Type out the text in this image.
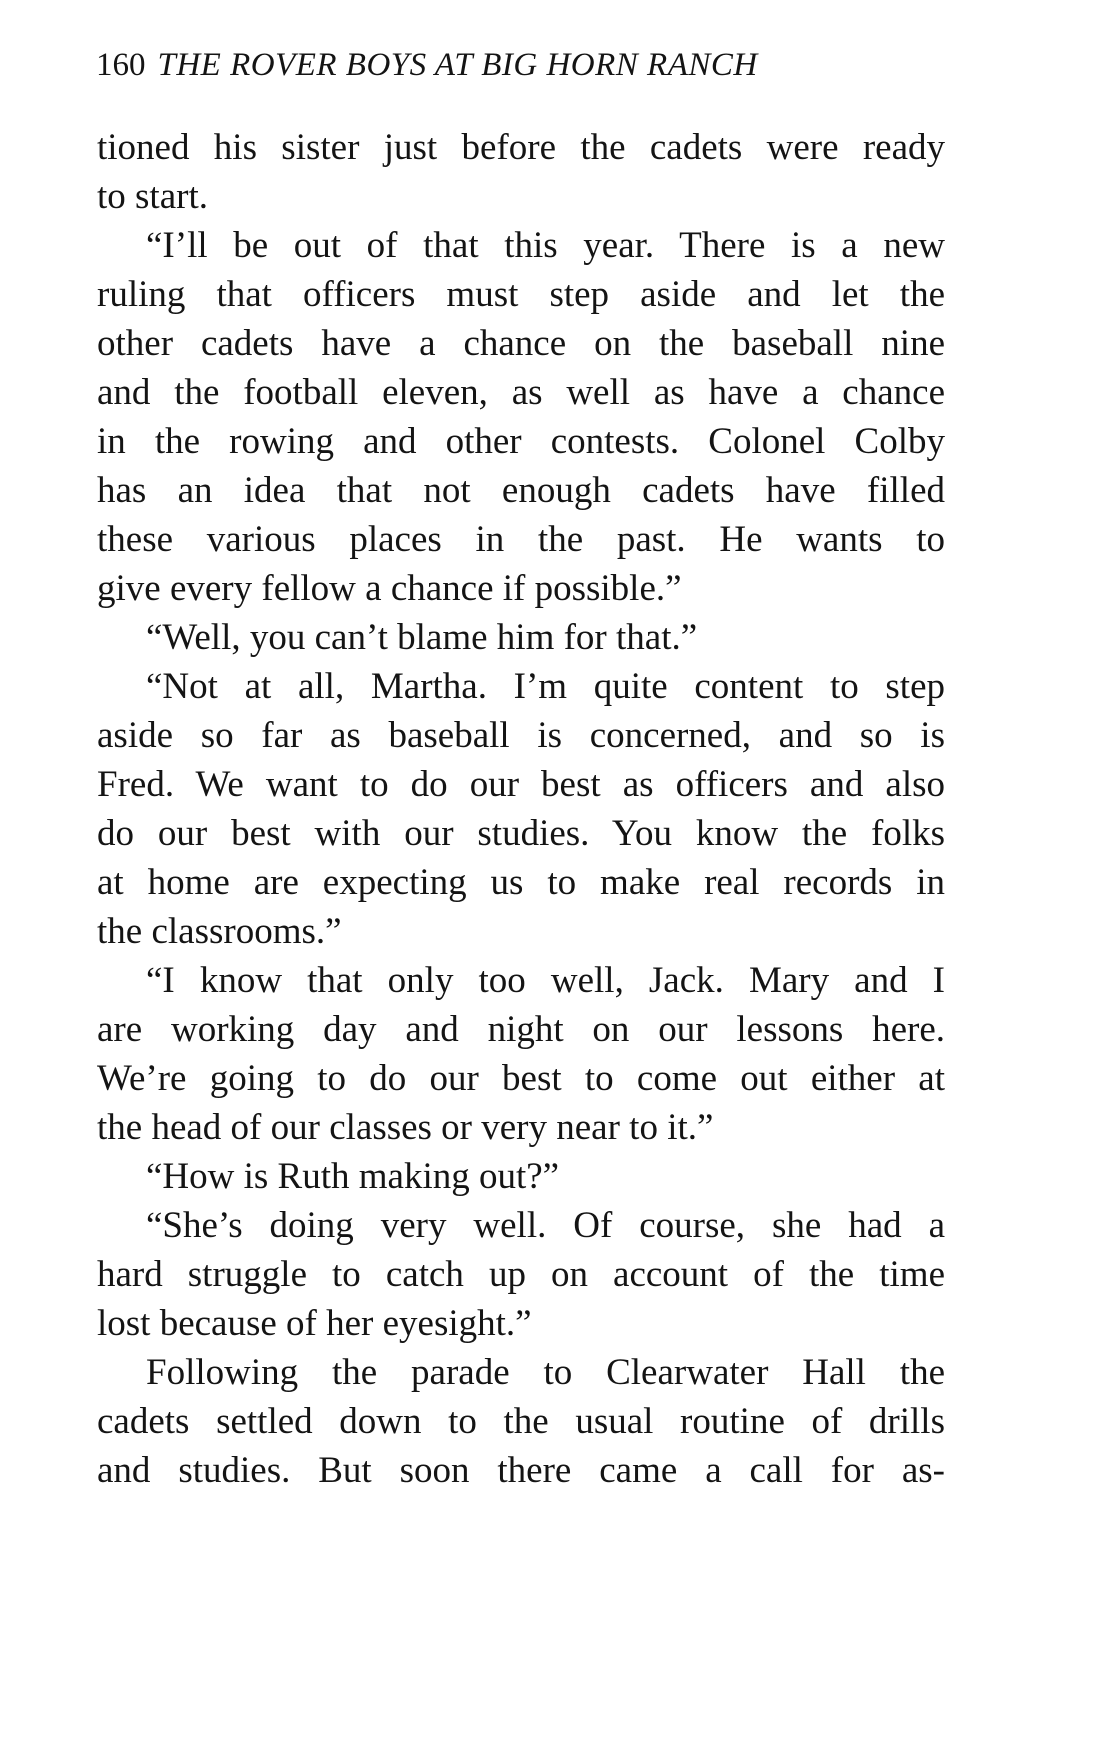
160 THE ROVER BOYS AT BIG HORN RANCH
tioned his sister just before the cadets were ready
to start.
“I’ll be out of that this year. There is a new
ruling that officers must step aside and let the
other cadets have a chance on the baseball nine
and the football eleven, as well as have a chance
in the rowing and other contests. Colonel Colby
has an idea that not enough cadets have filled
these various places in the past. He wants to
give every fellow a chance if possible.”
“Well, you can’t blame him for that.”
“Not at all, Martha. I’m quite content to step
aside so far as baseball is concerned, and so is
Fred. We want to do our best as officers and also
do our best with our studies. You know the folks
at home are expecting us to make real records in
the classrooms.”
“I know that only too well, Jack. Mary and I
are working day and night on our lessons here.
We’re going to do our best to come out either at
the head of our classes or very near to it.”
“How is Ruth making out?”
“She’s doing very well. Of course, she had a
hard struggle to catch up on account of the time
lost because of her eyesight.”
Following the parade to Clearwater Hall the
cadets settled down to the usual routine of drills
and studies. But soon there came a call for as-
